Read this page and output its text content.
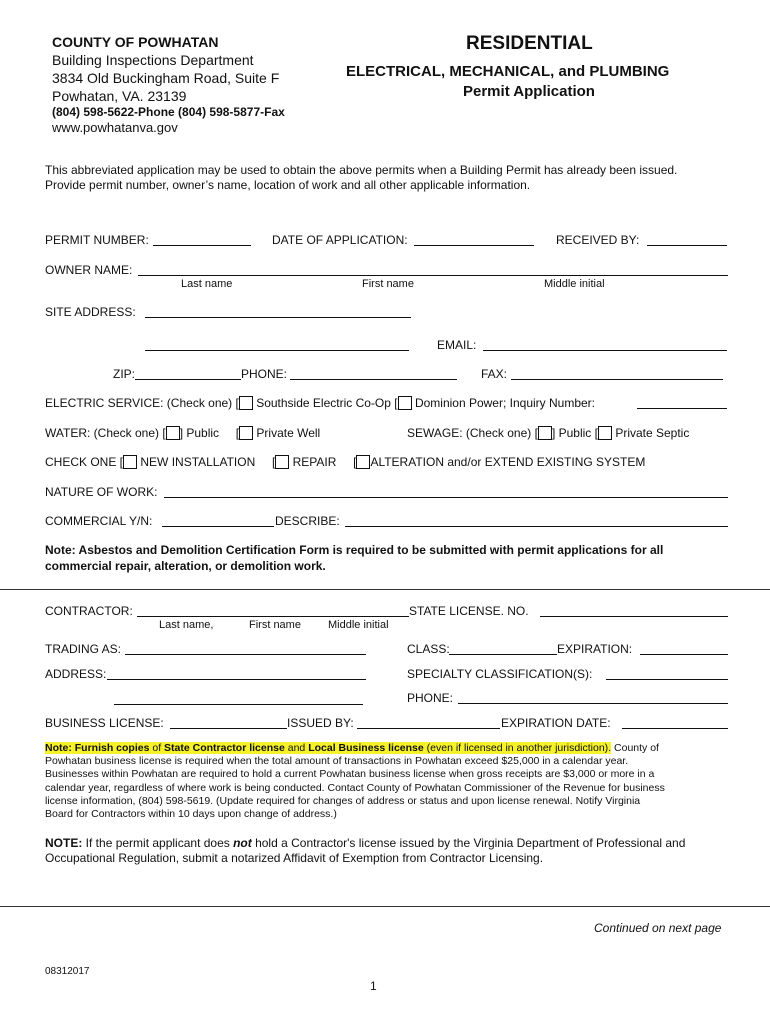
COUNTY OF POWHATAN
Building Inspections Department
3834 Old Buckingham Road, Suite F
Powhatan, VA. 23139
(804) 598-5622-Phone (804) 598-5877-Fax
www.powhatanva.gov
RESIDENTIAL
ELECTRICAL, MECHANICAL, and PLUMBING
Permit Application
This abbreviated application may be used to obtain the above permits when a Building Permit has already been issued.
Provide permit number, owner’s name, location of work and all other applicable information.
PERMIT NUMBER:	DATE OF APPLICATION:	RECEIVED BY:
OWNER NAME:
Last name	First name	Middle initial
SITE ADDRESS:
EMAIL:
ZIP:	PHONE:	FAX:
ELECTRIC SERVICE: (Check one) [ Southside Electric Co-Op [ Dominion Power; Inquiry Number:
WATER: (Check one) [ ] Public [ Private Well	SEWAGE: (Check one) [ ] Public [ Private Septic
CHECK ONE [ NEW INSTALLATION [ REPAIR [ ALTERATION and/or EXTEND EXISTING SYSTEM
NATURE OF WORK:
COMMERCIAL Y/N:	DESCRIBE:
Note: Asbestos and Demolition Certification Form is required to be submitted with permit applications for all
commercial repair, alteration, or demolition work.
CONTRACTOR:	STATE LICENSE. NO.
Last name,	First name Middle initial
TRADING AS:	CLASS:	EXPIRATION:
ADDRESS:	SPECIALTY CLASSIFICATION(S):
PHONE:
BUSINESS LICENSE:	ISSUED BY:	EXPIRATION DATE:
Note: Furnish copies of State Contractor license and Local Business license (even if licensed in another jurisdiction). County of
Powhatan business license is required when the total amount of transactions in Powhatan exceed $25,000 in a calendar year.
Businesses within Powhatan are required to hold a current Powhatan business license when gross receipts are $3,000 or more in a
calendar year, regardless of where work is being conducted. Contact County of Powhatan Commissioner of the Revenue for business
license information, (804) 598-5619. (Update required for changes of address or status and upon license renewal. Notify Virginia
Board for Contractors within 10 days upon change of address.)
NOTE: If the permit applicant does not hold a Contractor's license issued by the Virginia Department of Professional and
Occupational Regulation, submit a notarized Affidavit of Exemption from Contractor Licensing.
Continued on next page
08312017
1
